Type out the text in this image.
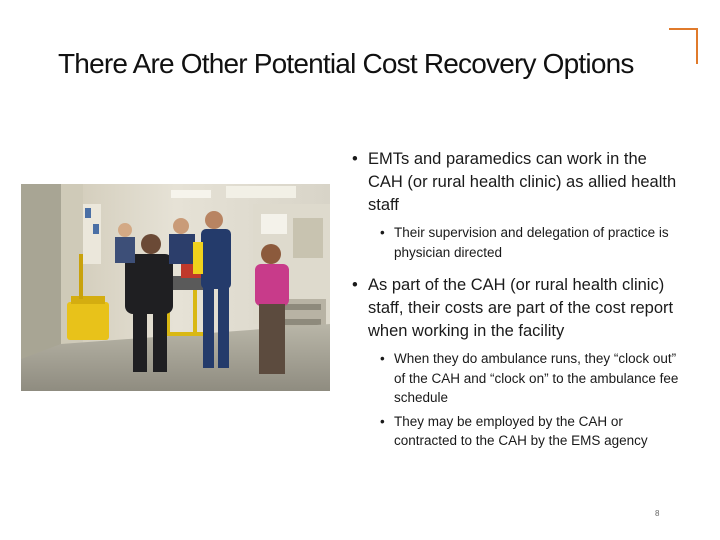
There Are Other Potential Cost Recovery Options
• EMTs and paramedics can work in the CAH (or rural health clinic) as allied health staff
• Their supervision and delegation of practice is physician directed
• As part of the CAH (or rural health clinic) staff, their costs are part of the cost report when working in the facility
• When they do ambulance runs, they “clock out” of the CAH and “clock on” to the ambulance fee schedule
• They may be employed by the CAH or contracted to the CAH by the EMS agency
8
